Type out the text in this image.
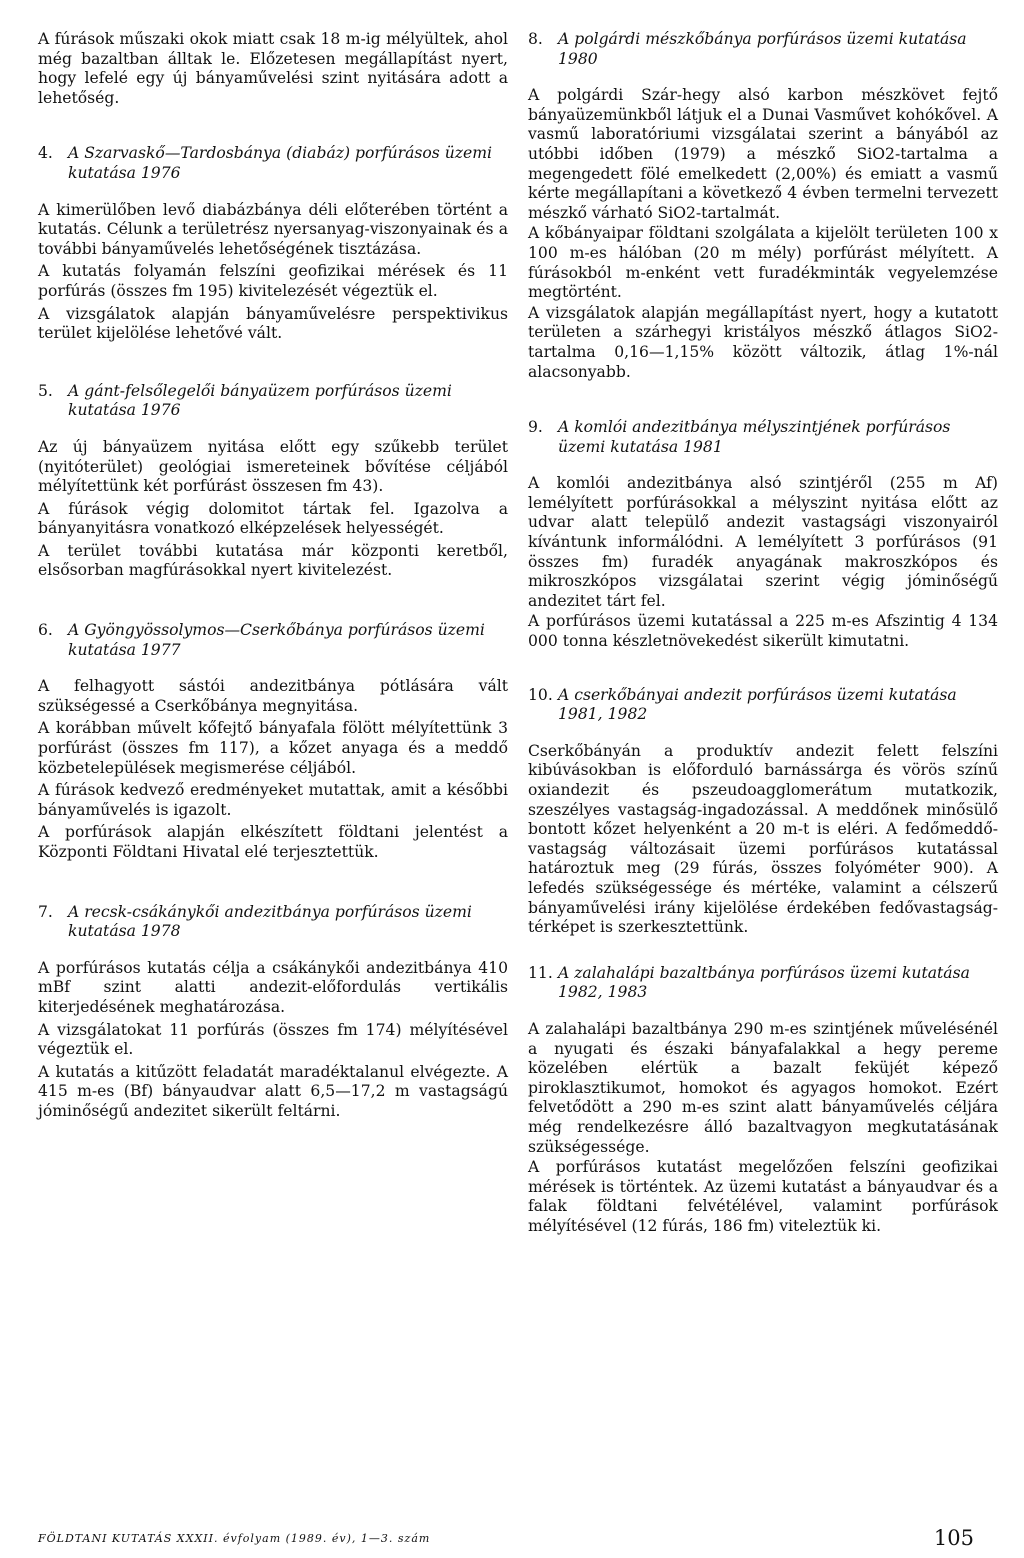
A fúrások műszaki okok miatt csak 18 m-ig mélyültek, ahol még bazaltban álltak le. Előzetesen megállapítást nyert, hogy lefelé egy új bányaművelési szint nyitására adott a lehetőség.

4. A Szarvaskő—Tardosbánya (diabáz) porfúrásos üzemi kutatása 1976

A kimerülőben levő diabázbánya déli előterében történt a kutatás. Célunk a területrész nyersanyag-viszonyainak és a további bányaművelés lehetőségének tisztázása.

A kutatás folyamán felszíni geofizikai mérések és 11 porfúrás (összes fm 195) kivitelezését végeztük el.

A vizsgálatok alapján bányaművelésre perspektivikus terület kijelölése lehetővé vált.

5. A gánt-felsőlegelői bányaüzem porfúrásos üzemi kutatása 1976

Az új bányaüzem nyitása előtt egy szűkebb terület (nyitóterület) geológiai ismereteinek bővítése céljából mélyítettünk két porfúrást összesen fm 43).

A fúrások végig dolomitot tártak fel. Igazolva a bányanyitásra vonatkozó elképzelések helyességét.

A terület további kutatása már központi keretből, elsősorban magfúrásokkal nyert kivitelezést.

6. A Gyöngyössolymos—Cserkőbánya porfúrásos üzemi kutatása 1977

A felhagyott sástói andezitbánya pótlására vált szükségessé a Cserkőbánya megnyitása.

A korábban művelt kőfejtő bányafala fölött mélyítettünk 3 porfúrást (összes fm 117), a kőzet anyaga és a meddő közbetelepülések megismerése céljából.

A fúrások kedvező eredményeket mutattak, amit a későbbi bányaművelés is igazolt.

A porfúrások alapján elkészített földtani jelentést a Központi Földtani Hivatal elé terjesztettük.

7. A recsk-csákánykői andezitbánya porfúrásos üzemi kutatása 1978

A porfúrásos kutatás célja a csákánykői andezitbánya 410 mBf szint alatti andezit-előfordulás vertikális kiterjedésének meghatározása.

A vizsgálatokat 11 porfúrás (összes fm 174) mélyítésével végeztük el.

A kutatás a kitűzött feladatát maradéktalanul elvégezte. A 415 m-es (Bf) bányaudvar alatt 6,5—17,2 m vastagságú jóminőségű andezitet sikerült feltárni.

8. A polgárdi mészkőbánya porfúrásos üzemi kutatása 1980

A polgárdi Szár-hegy alsó karbon mészkövet fejtő bányaüzemünkből látjuk el a Dunai Vasművet kohókővel. A vasmű laboratóriumi vizsgálatai szerint a bányából az utóbbi időben (1979) a mészkő SiO2-tartalma a megengedett fölé emelkedett (2,00%) és emiatt a vasmű kérte megállapítani a következő 4 évben termelni tervezett mészkő várható SiO2-tartalmát.

A kőbányaipar földtani szolgálata a kijelölt területen 100 x 100 m-es hálóban (20 m mély) porfúrást mélyített. A fúrásokból m-enként vett furadékminták vegyelemzése megtörtént.

A vizsgálatok alapján megállapítást nyert, hogy a kutatott területen a szárhegyi kristályos mészkő átlagos SiO2-tartalma 0,16—1,15% között változik, átlag 1%-nál alacsonyabb.

9. A komlói andezitbánya mélyszintjének porfúrásos üzemi kutatása 1981

A komlói andezitbánya alsó szintjéről (255 m Af) lemélyített porfúrásokkal a mélyszint nyitása előtt az udvar alatt települő andezit vastagsági viszonyairól kívántunk informálódni. A lemélyített 3 porfúrásos (91 összes fm) furadék anyagának makroszkópos és mikroszkópos vizsgálatai szerint végig jóminőségű andezitet tárt fel.

A porfúrásos üzemi kutatással a 225 m-es Afszintig 4 134 000 tonna készletnövekedést sikerült kimutatni.

10. A cserkőbányai andezit porfúrásos üzemi kutatása 1981, 1982

Cserkőbányán a produktív andezit felett felszíni kibúvásokban is előforduló barnássárga és vörös színű oxiandezit és pszeudoagglomerátum mutatkozik, szeszélyes vastagság-ingadozással. A meddőnek minősülő bontott kőzet helyenként a 20 m-t is eléri. A fedőmeddő-vastagság változásait üzemi porfúrásos kutatással határoztuk meg (29 fúrás, összes folyóméter 900). A lefedés szükségessége és mértéke, valamint a célszerű bányaművelési irány kijelölése érdekében fedővastagság-térképet is szerkesztettünk.

11. A zalahalápi bazaltbánya porfúrásos üzemi kutatása 1982, 1983

A zalahalápi bazaltbánya 290 m-es szintjének művelésénél a nyugati és északi bányafalakkal a hegy pereme közelében elértük a bazalt feküjét képező piroklasztikumot, homokot és agyagos homokot. Ezért felvetődött a 290 m-es szint alatt bányaművelés céljára még rendelkezésre álló bazaltvagyon megkutatásának szükségessége.

A porfúrásos kutatást megelőzően felszíni geofizikai mérések is történtek. Az üzemi kutatást a bányaudvar és a falak földtani felvétélével, valamint porfúrások mélyítésével (12 fúrás, 186 fm) viteleztük ki.

FÖLDTANI KUTATÁS XXXII. évfolyam (1989. év), 1—3. szám	105
